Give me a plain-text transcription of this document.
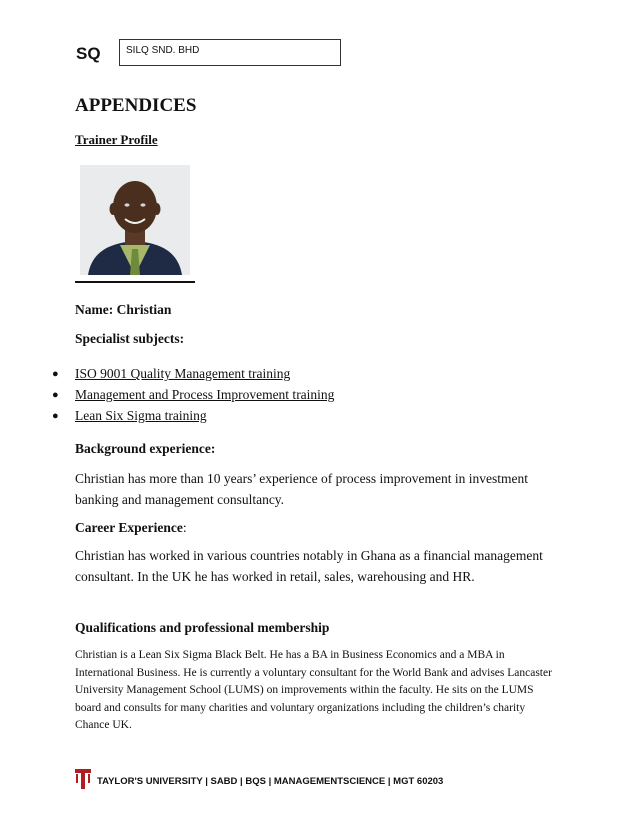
SQ	SILQ SND. BHD
APPENDICES
Trainer Profile
Name: Christian
Specialist subjects:
● ISO 9001 Quality Management training
● Management and Process Improvement training
● Lean Six Sigma training
Background experience:
Christian has more than 10 years’ experience of process improvement in investment banking and management consultancy.
Career Experience:
Christian has worked in various countries notably in Ghana as a financial management consultant. In the UK he has worked in retail, sales, warehousing and HR.
Qualifications and professional membership
Christian is a Lean Six Sigma Black Belt. He has a BA in Business Economics and a MBA in International Business. He is currently a voluntary consultant for the World Bank and advises Lancaster University Management School (LUMS) on improvements within the faculty. He sits on the LUMS board and consults for many charities and voluntary organizations including the children’s charity Chance UK.
TAYLOR'S UNIVERSITY | SABD | BQS | MANAGEMENTSCIENCE | MGT 60203
